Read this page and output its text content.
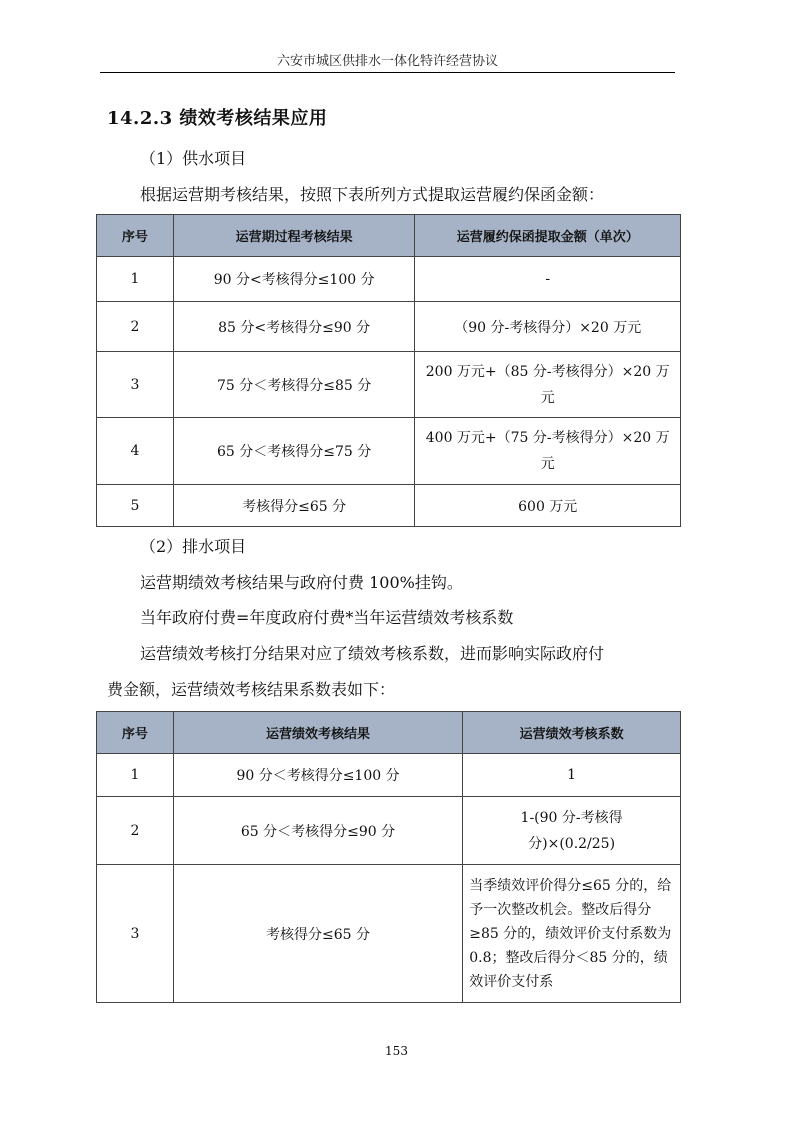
六安市城区供排水一体化特许经营协议
14.2.3 绩效考核结果应用
（1）供水项目
根据运营期考核结果，按照下表所列方式提取运营履约保函金额：
序号	运营期过程考核结果	运营履约保函提取金额（单次）
1	90 分<考核得分≤100 分	-
2	85 分<考核得分≤90 分	（90 分-考核得分）×20 万元
3	75 分＜考核得分≤85 分	200 万元+（85 分-考核得分）×20 万元
4	65 分＜考核得分≤75 分	400 万元+（75 分-考核得分）×20 万元
5	考核得分≤65 分	600 万元
（2）排水项目
运营期绩效考核结果与政府付费 100%挂钩。
当年政府付费=年度政府付费*当年运营绩效考核系数
运营绩效考核打分结果对应了绩效考核系数，进而影响实际政府付
费金额，运营绩效考核结果系数表如下：
序号	运营绩效考核结果	运营绩效考核系数
1	90 分＜考核得分≤100 分	1
2	65 分＜考核得分≤90 分	1-(90 分-考核得分)×(0.2/25)
3	考核得分≤65 分	当季绩效评价得分≤65 分的，给予一次整改机会。整改后得分≥85 分的，绩效评价支付系数为 0.8；整改后得分＜85 分的，绩效评价支付系
153
